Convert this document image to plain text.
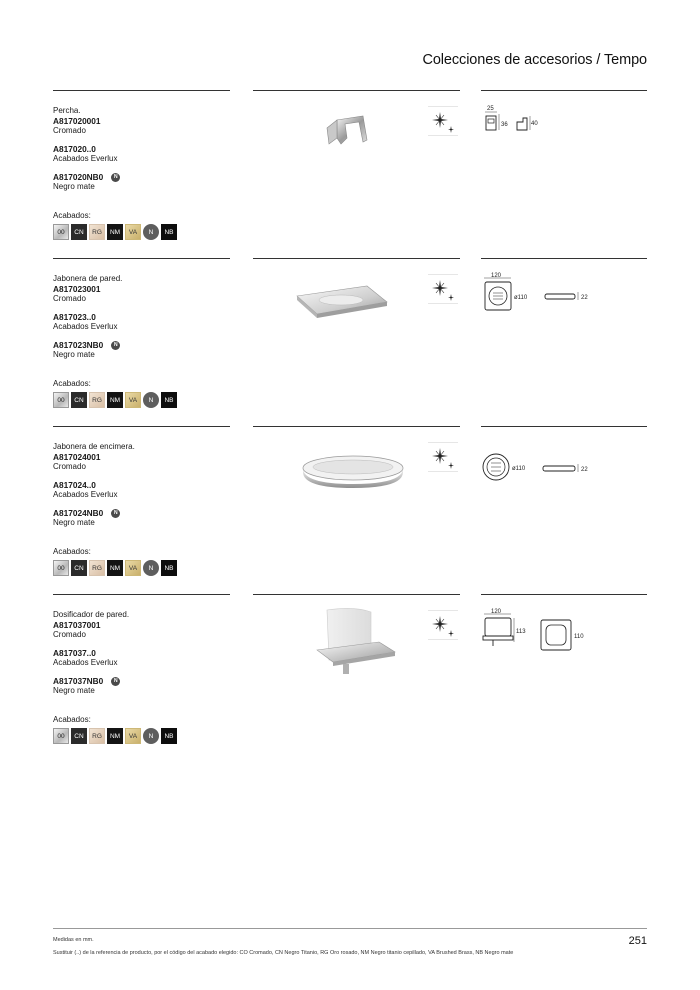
Colecciones de accesorios / Tempo
Percha.
A817020001
Cromado
A817020..0
Acabados Everlux
A817020NB0	N
Negro mate
Acabados:
00	CN	RG	NM	VA	N	NB
25
36	40
Jabonera de pared.
A817023001
Cromado
A817023..0
Acabados Everlux
A817023NB0	N
Negro mate
Acabados:
00	CN	RG	NM	VA	N	NB
120
ø110	22
Jabonera de encimera.
A817024001
Cromado
A817024..0
Acabados Everlux
A817024NB0	N
Negro mate
Acabados:
00	CN	RG	NM	VA	N	NB
ø110	22
Dosificador de pared.
A817037001
Cromado
A817037..0
Acabados Everlux
A817037NB0	N
Negro mate
Acabados:
00	CN	RG	NM	VA	N	NB
120
113
110
Medidas en mm.
Sustituir (..) de la referencia de producto, por el código del acabado elegido: CO Cromado, CN Negro Titanio, RG Oro rosado, NM Negro titanio cepillado, VA Brushed Brass, NB Negro mate
251
